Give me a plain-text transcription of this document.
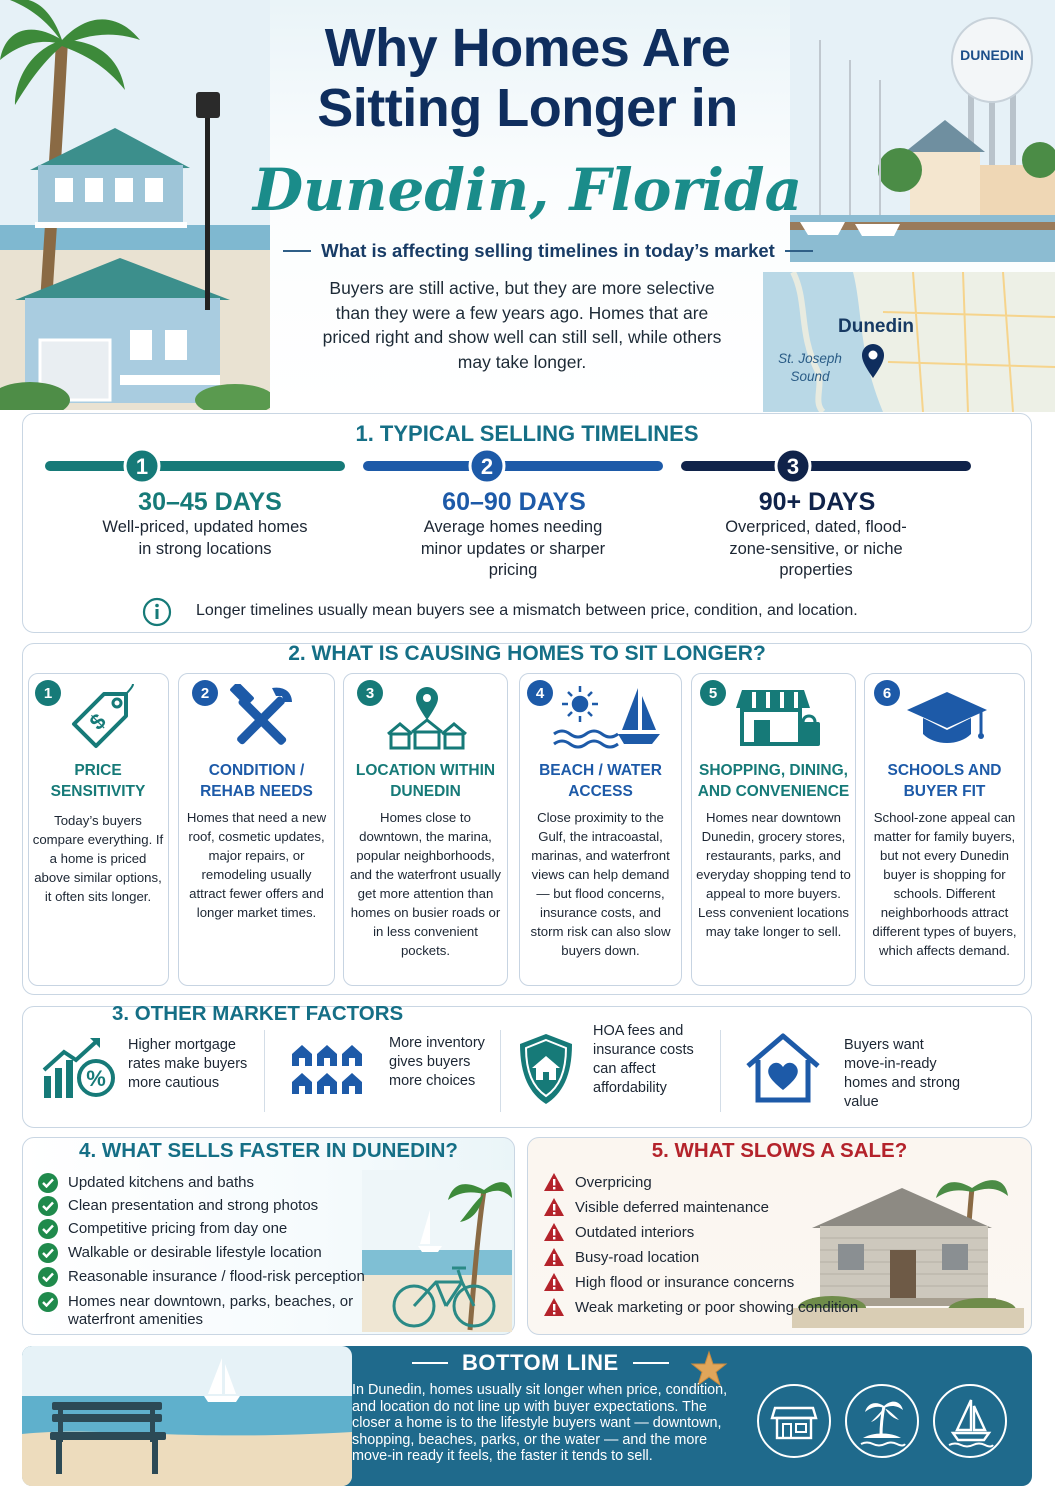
DUNEDIN
Why Homes Are
Sitting Longer in
Dunedin, Florida
What is affecting selling timelines in today’s market
Buyers are still active, but they are more selective than they were a few years ago. Homes that are priced right and show well can still sell, while others may take longer.
Dunedin
St. Joseph Sound
1. TYPICAL SELLING TIMELINES
1	2	3
30–45 DAYS
Well-priced, updated homes in strong locations
60–90 DAYS
Average homes needing minor updates or sharper pricing
90+ DAYS
Overpriced, dated, flood-zone-sensitive, or niche properties
Longer timelines usually mean buyers see a mismatch between price, condition, and location.
2. WHAT IS CAUSING HOMES TO SIT LONGER?
1
$
PRICE SENSITIVITY
Today’s buyers compare everything. If a home is priced above similar options, it often sits longer.
2
CONDITION / REHAB NEEDS
Homes that need a new roof, cosmetic updates, major repairs, or remodeling usually attract fewer offers and longer market times.
3
LOCATION WITHIN DUNEDIN
Homes close to downtown, the marina, popular neighborhoods, and the waterfront usually get more attention than homes on busier roads or in less convenient pockets.
4
BEACH / WATER ACCESS
Close proximity to the Gulf, the intracoastal, marinas, and waterfront views can help demand — but flood concerns, insurance costs, and storm risk can also slow buyers down.
5
SHOPPING, DINING, AND CONVENIENCE
Homes near downtown Dunedin, grocery stores, restaurants, parks, and everyday shopping tend to appeal to more buyers. Less convenient locations may take longer to sell.
6
SCHOOLS AND BUYER FIT
School-zone appeal can matter for family buyers, but not every Dunedin buyer is shopping for schools. Different neighborhoods attract different types of buyers, which affects demand.
3. OTHER MARKET FACTORS
%
Higher mortgage rates make buyers more cautious
More inventory gives buyers more choices
HOA fees and insurance costs can affect affordability
Buyers want move-in-ready homes and strong value
4. WHAT SELLS FASTER IN DUNEDIN?
Updated kitchens and baths
Clean presentation and strong photos
Competitive pricing from day one
Walkable or desirable lifestyle location
Reasonable insurance / flood-risk perception
Homes near downtown, parks, beaches, or waterfront amenities
5. WHAT SLOWS A SALE?
Overpricing
Visible deferred maintenance
Outdated interiors
Busy-road location
High flood or insurance concerns
Weak marketing or poor showing condition
BOTTOM LINE
In Dunedin, homes usually sit longer when price, condition, and location do not line up with buyer expectations. The closer a home is to the lifestyle buyers want — downtown, shopping, beaches, parks, or the water — and the more move-in ready it feels, the faster it tends to sell.
